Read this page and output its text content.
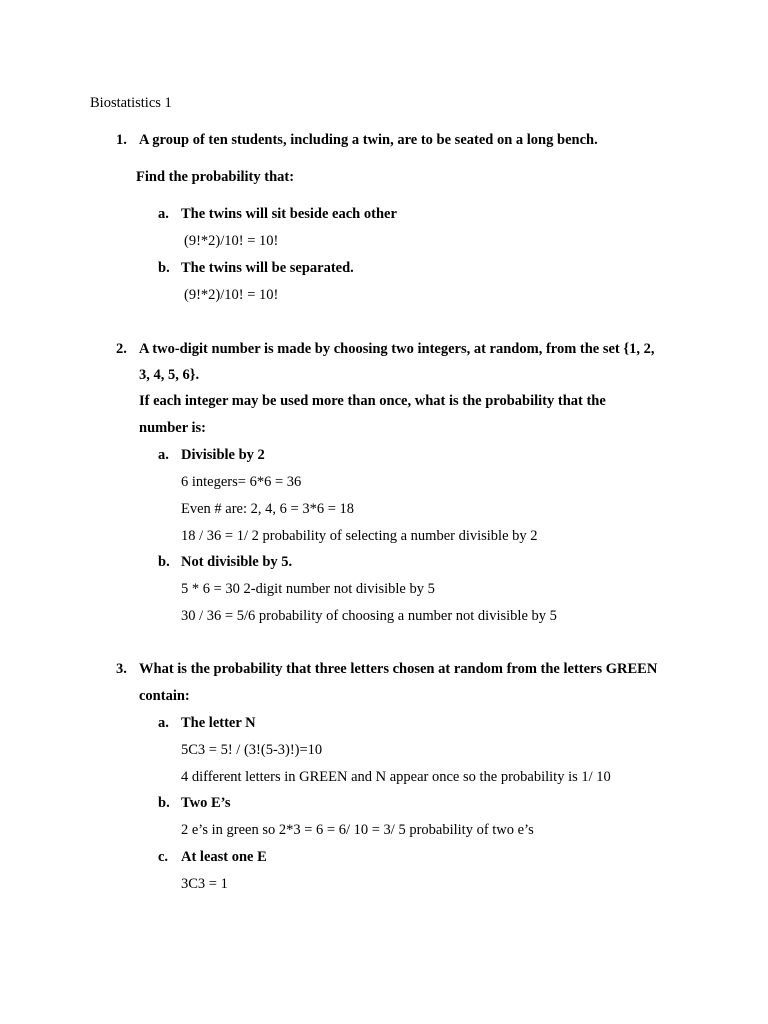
Biostatistics 1
1. A group of ten students, including a twin, are to be seated on a long bench.
Find the probability that:
a. The twins will sit beside each other
(9!*2)/10! = 10!
b. The twins will be separated.
(9!*2)/10! = 10!
2. A two-digit number is made by choosing two integers, at random, from the set {1, 2,
3, 4, 5, 6}.
If each integer may be used more than once, what is the probability that the
number is:
a. Divisible by 2
6 integers= 6*6 = 36
Even # are: 2, 4, 6 = 3*6 = 18
18 / 36 = 1/ 2 probability of selecting a number divisible by 2
b. Not divisible by 5.
5 * 6 = 30 2-digit number not divisible by 5
30 / 36 = 5/6 probability of choosing a number not divisible by 5
3. What is the probability that three letters chosen at random from the letters GREEN
contain:
a. The letter N
5C3 = 5! / (3!(5-3)!)=10
4 different letters in GREEN and N appear once so the probability is 1/ 10
b. Two E’s
2 e’s in green so 2*3 = 6 = 6/ 10 = 3/ 5 probability of two e’s
c. At least one E
3C3 = 1
